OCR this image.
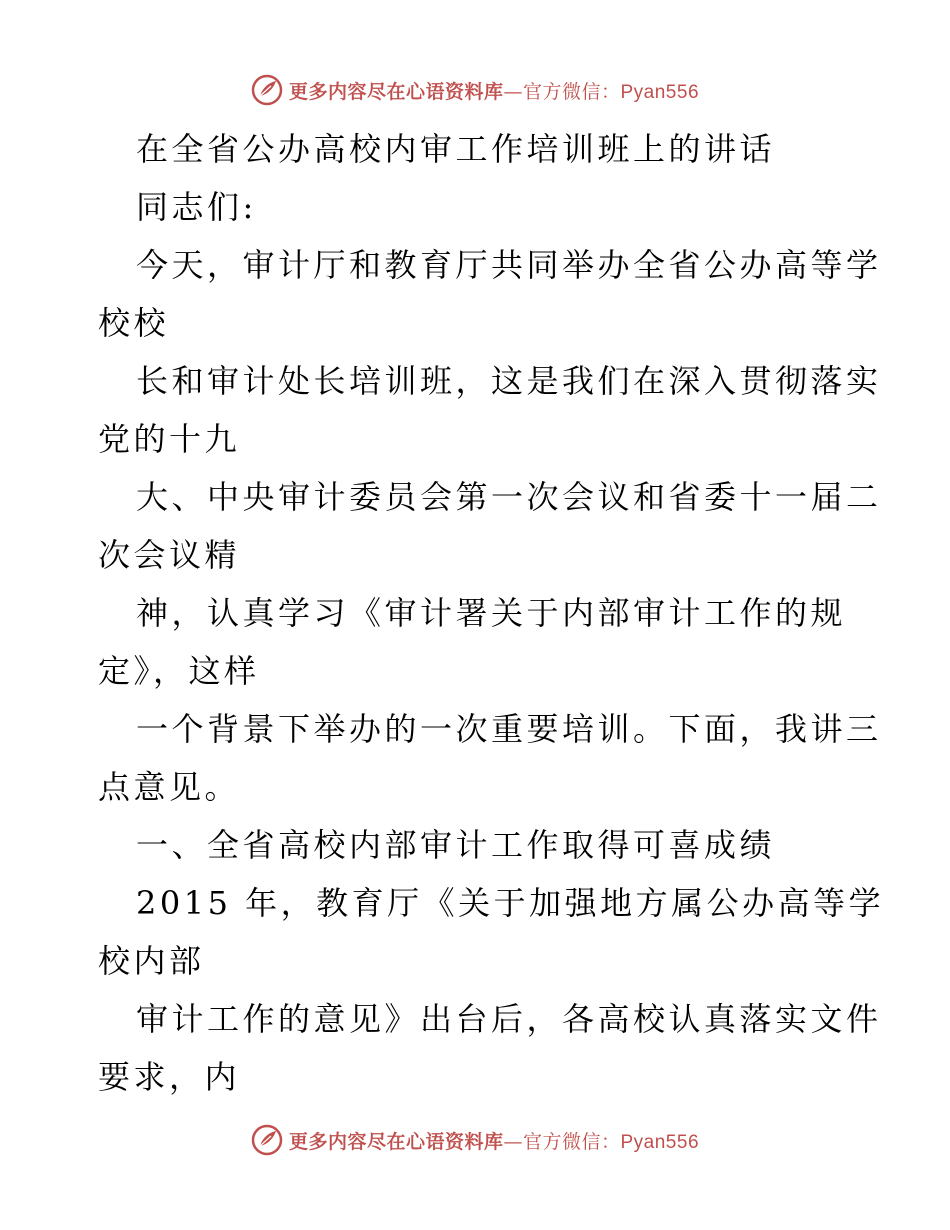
更多内容尽在心语资料库—官方微信：Pyan556
在全省公办高校内审工作培训班上的讲话
同志们:
今天，审计厅和教育厅共同举办全省公办高等学
校校
长和审计处长培训班，这是我们在深入贯彻落实
党的十九
大、中央审计委员会第一次会议和省委十一届二
次会议精
神，认真学习《审计署关于内部审计工作的规
定》，这样
一个背景下举办的一次重要培训。下面，我讲三
点意见。
一、全省高校内部审计工作取得可喜成绩
2015 年，教育厅《关于加强地方属公办高等学
校内部
审计工作的意见》出台后，各高校认真落实文件
要求，内
更多内容尽在心语资料库—官方微信：Pyan556
